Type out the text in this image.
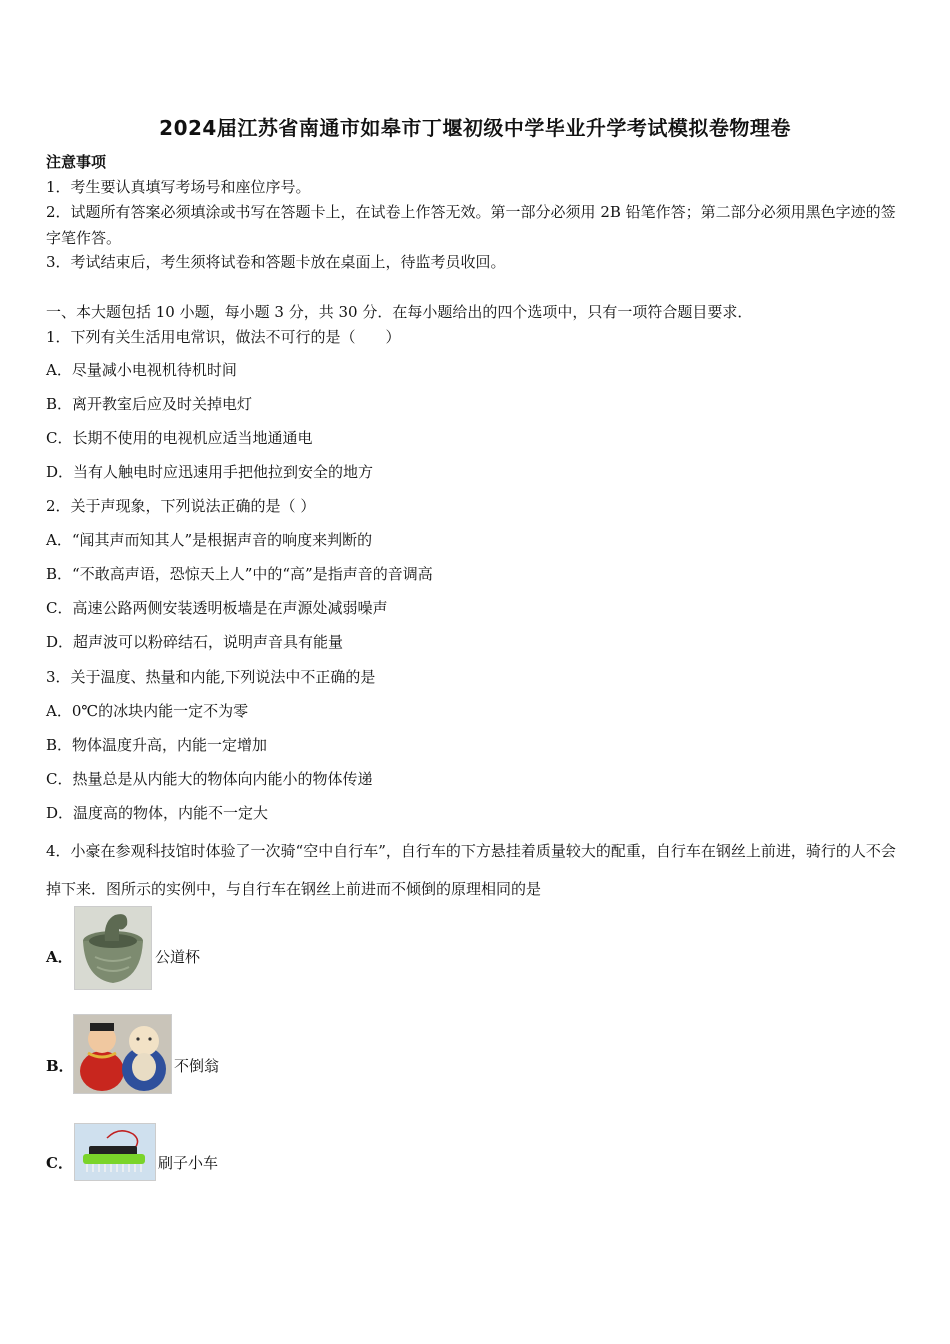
2024届江苏省南通市如皋市丁堰初级中学毕业升学考试模拟卷物理卷
注意事项
1．考生要认真填写考场号和座位序号。
2．试题所有答案必须填涂或书写在答题卡上，在试卷上作答无效。第一部分必须用 2B 铅笔作答；第二部分必须用黑色字迹的签字笔作答。
3．考试结束后，考生须将试卷和答题卡放在桌面上，待监考员收回。
一、本大题包括 10 小题，每小题 3 分，共 30 分．在每小题给出的四个选项中，只有一项符合题目要求．
1．下列有关生活用电常识，做法不可行的是（　　）
A．尽量减小电视机待机时间
B．离开教室后应及时关掉电灯
C．长期不使用的电视机应适当地通通电
D．当有人触电时应迅速用手把他拉到安全的地方
2．关于声现象，下列说法正确的是（ ）
A．“闻其声而知其人”是根据声音的响度来判断的
B．“不敢高声语，恐惊天上人”中的“高”是指声音的音调高
C．高速公路两侧安装透明板墙是在声源处减弱噪声
D．超声波可以粉碎结石，说明声音具有能量
3．关于温度、热量和内能,下列说法中不正确的是
A．0℃的冰块内能一定不为零
B．物体温度升高，内能一定增加
C．热量总是从内能大的物体向内能小的物体传递
D．温度高的物体，内能不一定大
4．小豪在参观科技馆时体验了一次骑“空中自行车”，自行车的下方悬挂着质量较大的配重，自行车在钢丝上前进，骑行的人不会掉下来．图所示的实例中，与自行车在钢丝上前进而不倾倒的原理相同的是
A．	公道杯
B．	不倒翁
C．	刷子小车
